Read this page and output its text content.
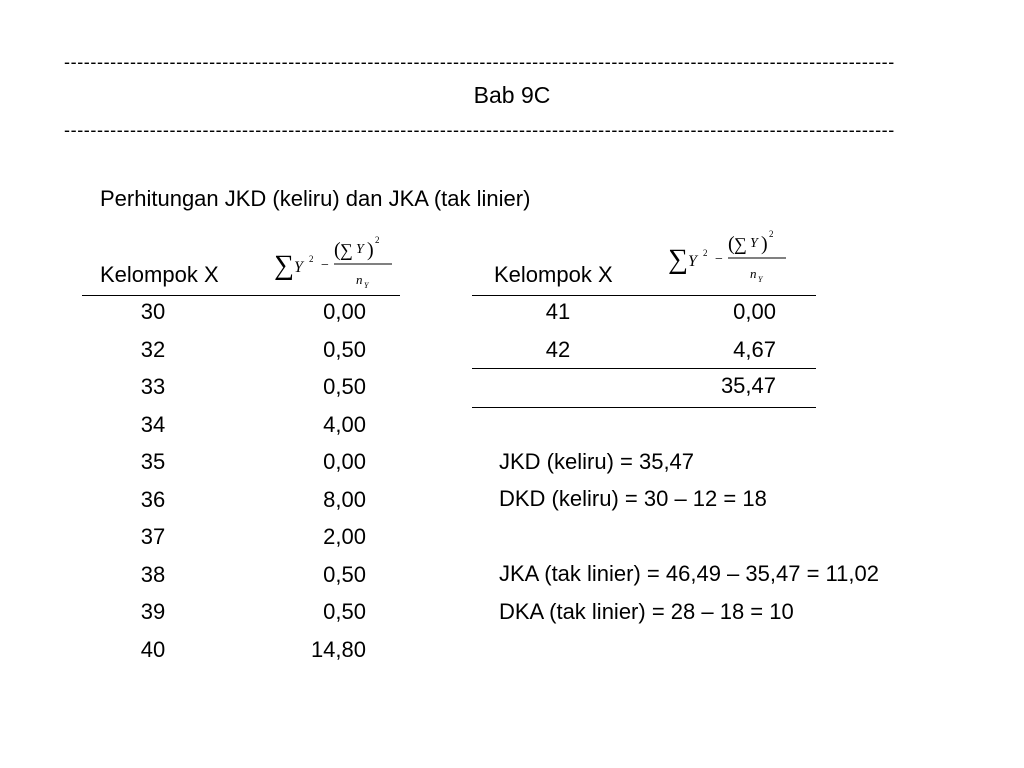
------------------------------------------------------------------------------------------------------------------------------
Bab 9C
------------------------------------------------------------------------------------------------------------------------------
Perhitungan JKD (keliru) dan JKA (tak linier)
Kelompok X ∑ Y 2 −
( ∑ Y ) 2
n Y
30	0,00
32	0,50
33	0,50
34	4,00
35	0,00
36	8,00
37	2,00
38	0,50
39	0,50
40	14,80
Kelompok X ∑ Y 2 −
( ∑ Y ) 2
n Y
41	0,00
42	4,67
35,47
JKD (keliru) = 35,47
DKD (keliru) = 30 – 12 = 18
JKA (tak linier) = 46,49 – 35,47 = 11,02
DKA (tak linier) = 28 – 18 = 10
